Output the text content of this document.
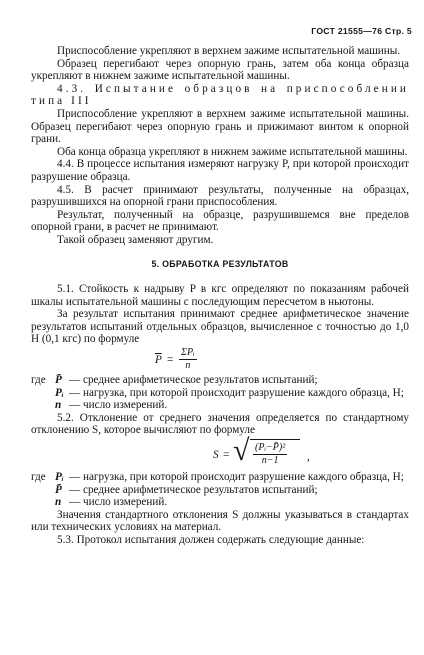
ГОСТ 21555—76 Стр. 5

Приспособление укрепляют в верхнем зажиме испытательной машины.

Образец перегибают через опорную грань, затем оба конца образца укрепляют в нижнем зажиме испытательной машины.

4.3. Испытание образцов на приспособлении типа III

Приспособление укрепляют в верхнем зажиме испытательной машины. Образец перегибают через опорную грань и прижимают винтом к опорной грани.

Оба конца образца укрепляют в нижнем зажиме испытательной машины.

4.4. В процессе испытания измеряют нагрузку P, при которой происходит разрушение образца.

4.5. В расчет принимают результаты, полученные на образцах, разрушившихся на опорной грани приспособления.

Результат, полученный на образце, разрушившемся вне пределов опорной грани, в расчет не принимают.

Такой образец заменяют другим.

5. ОБРАБОТКА РЕЗУЛЬТАТОВ

5.1. Стойкость к надрыву P в кгс определяют по показаниям рабочей шкалы испытательной машины с последующим пересчетом в ньютоны.

За результат испытания принимают среднее арифметическое значение результатов испытаний отдельных образцов, вычисленное с точностью до 1,0 Н (0,1 кгс) по формуле

$\overline{P}$ =
ΣPᵢ
n
где P̄ — среднее арифметическое результатов испытаний;
Pᵢ — нагрузка, при которой происходит разрушение каждого образца, Н;
n — число измерений.

5.2. Отклонение от среднего значения определяется по стандартному отклонению S, которое вычисляют по формуле

S = √ $\frac{\text{(Pᵢ−P̄)²}}{n-1}$ ,
где Pᵢ — нагрузка, при которой происходит разрушение каждого образца, Н;
P̄ — среднее арифметическое результатов испытаний;
n — число измерений.

Значения стандартного отклонения S должны указываться в стандартах или технических условиях на материал.

5.3. Протокол испытания должен содержать следующие данные:
